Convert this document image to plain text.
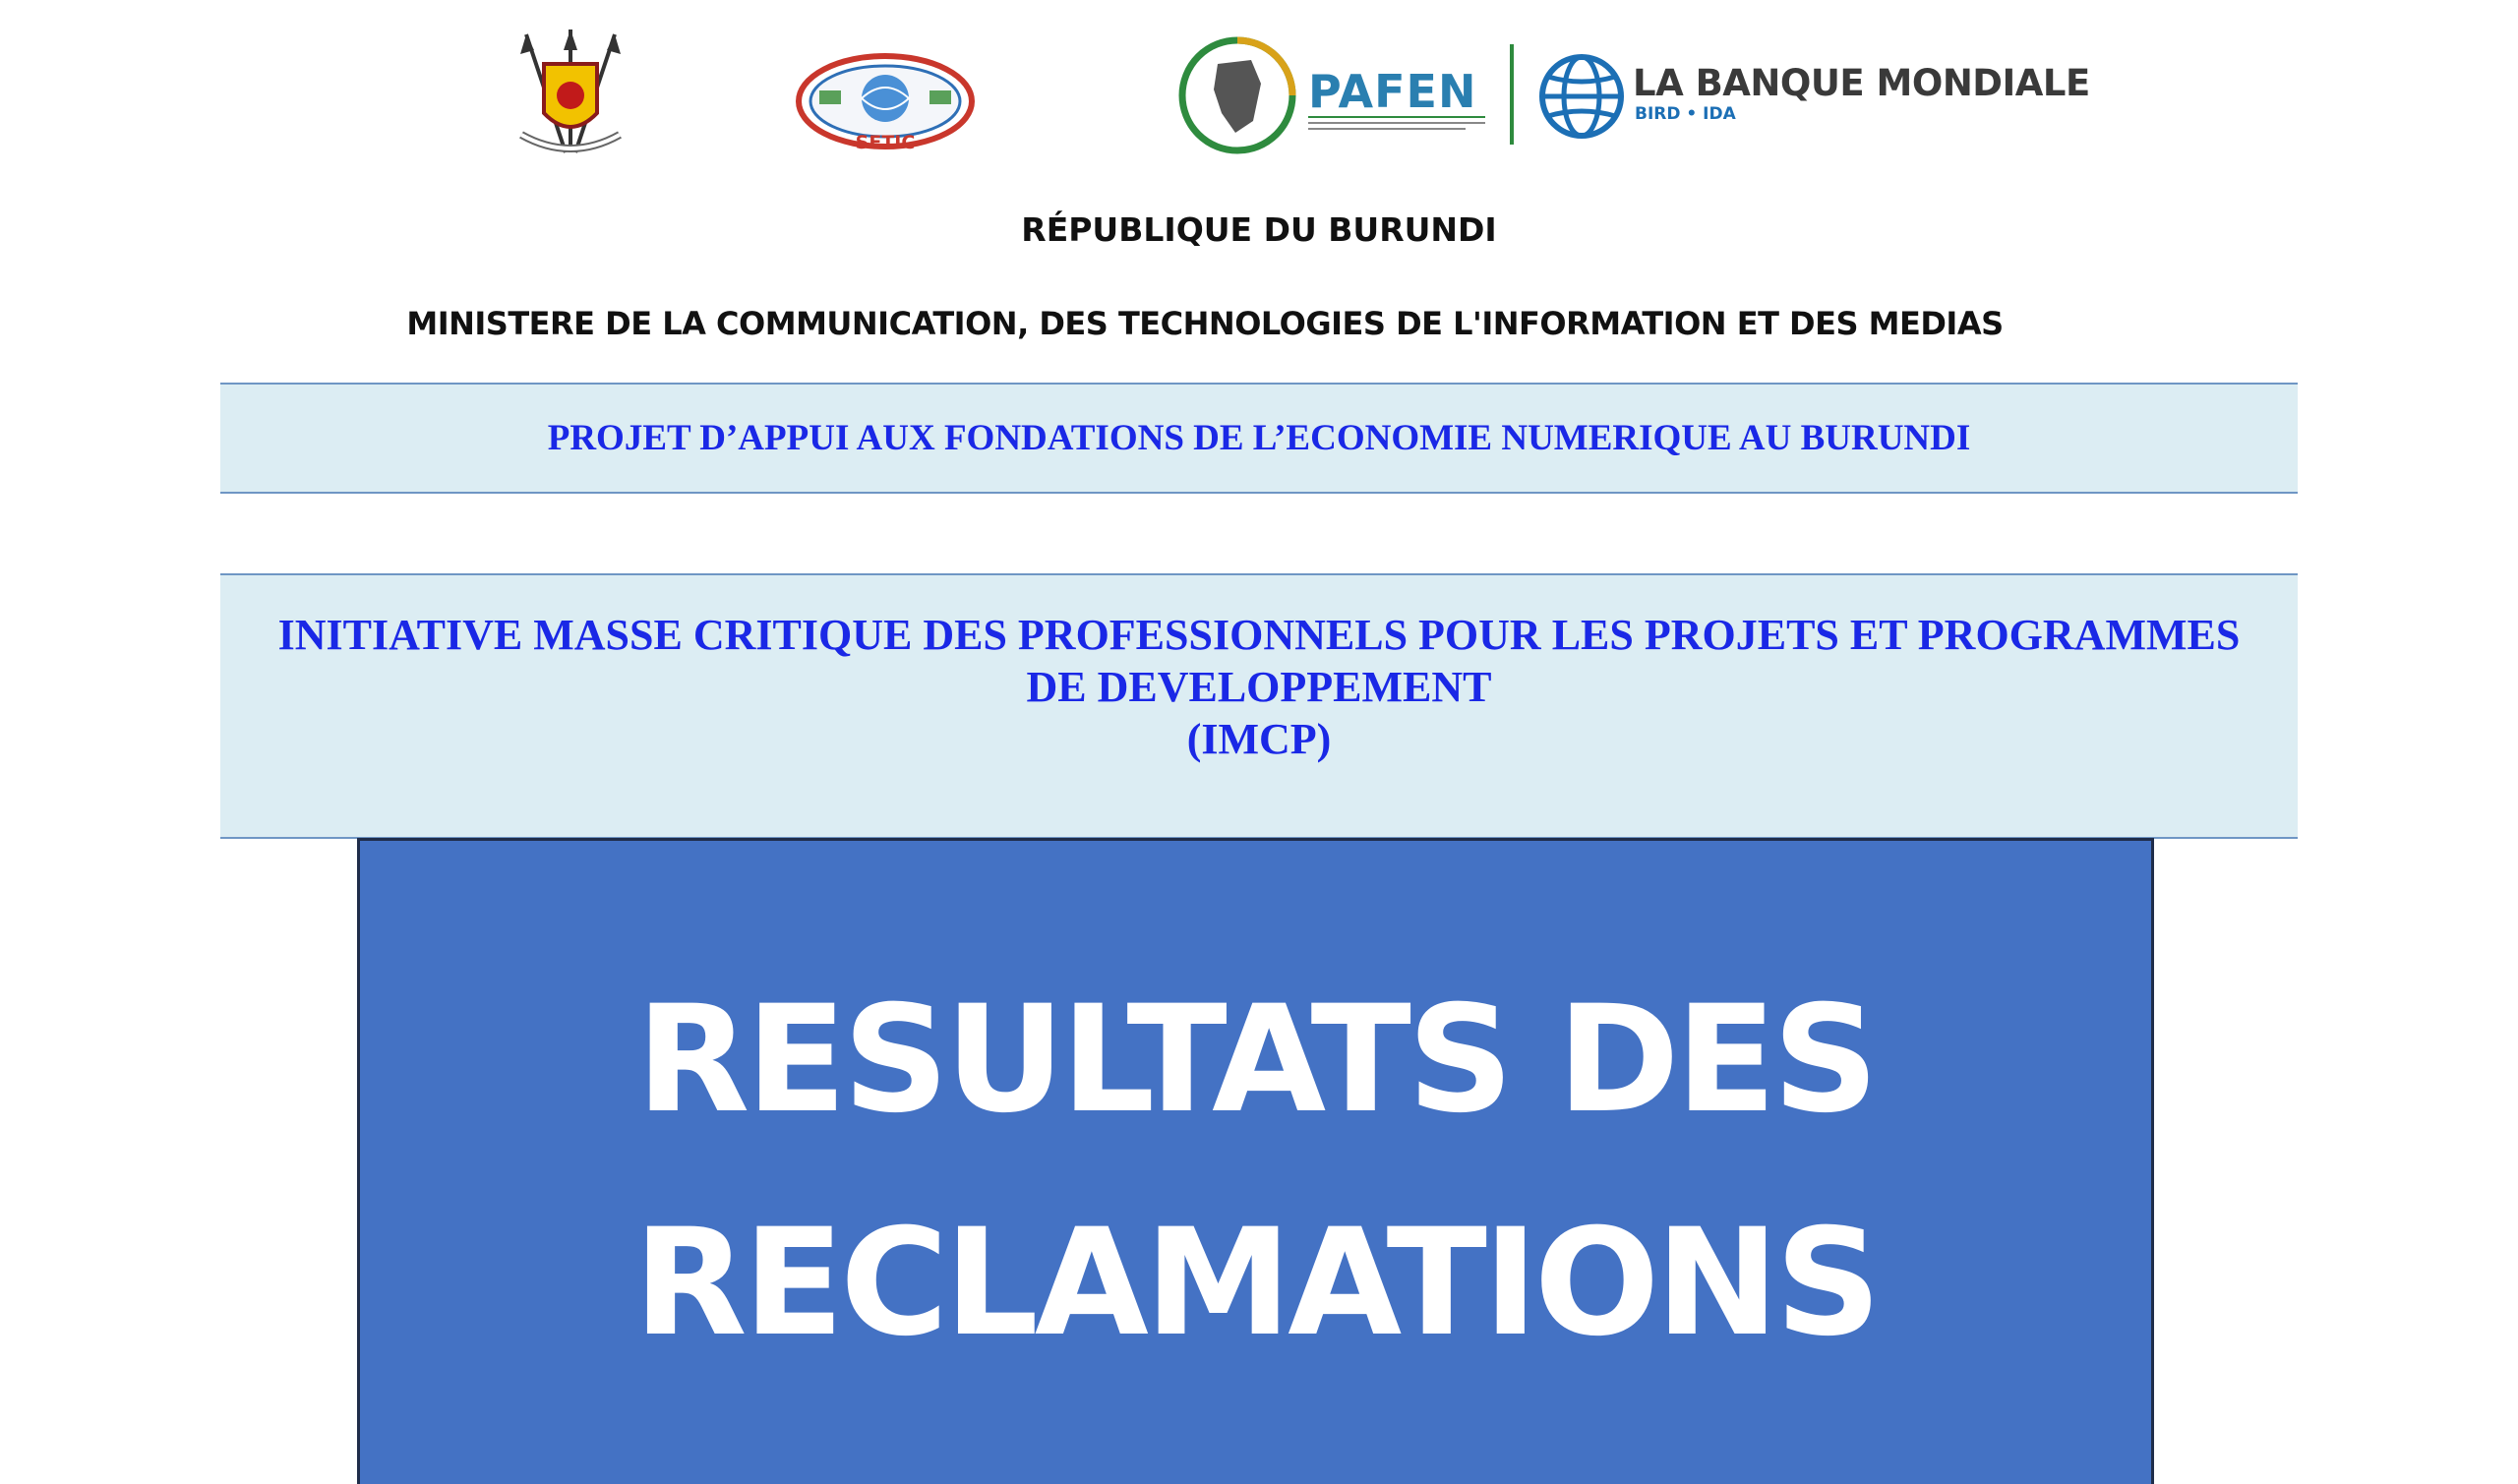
SETIC
PAFEN	LA BANQUE MONDIALE
BIRD • IDA
RÉPUBLIQUE DU BURUNDI
MINISTERE DE LA COMMUNICATION, DES TECHNOLOGIES DE L'INFORMATION ET DES MEDIAS
PROJET D’APPUI AUX FONDATIONS DE L’ECONOMIE NUMERIQUE AU BURUNDI
INITIATIVE MASSE CRITIQUE DES PROFESSIONNELS POUR LES PROJETS ET PROGRAMMES
DE DEVELOPPEMENT
(IMCP)
RESULTATS DES
RECLAMATIONS
